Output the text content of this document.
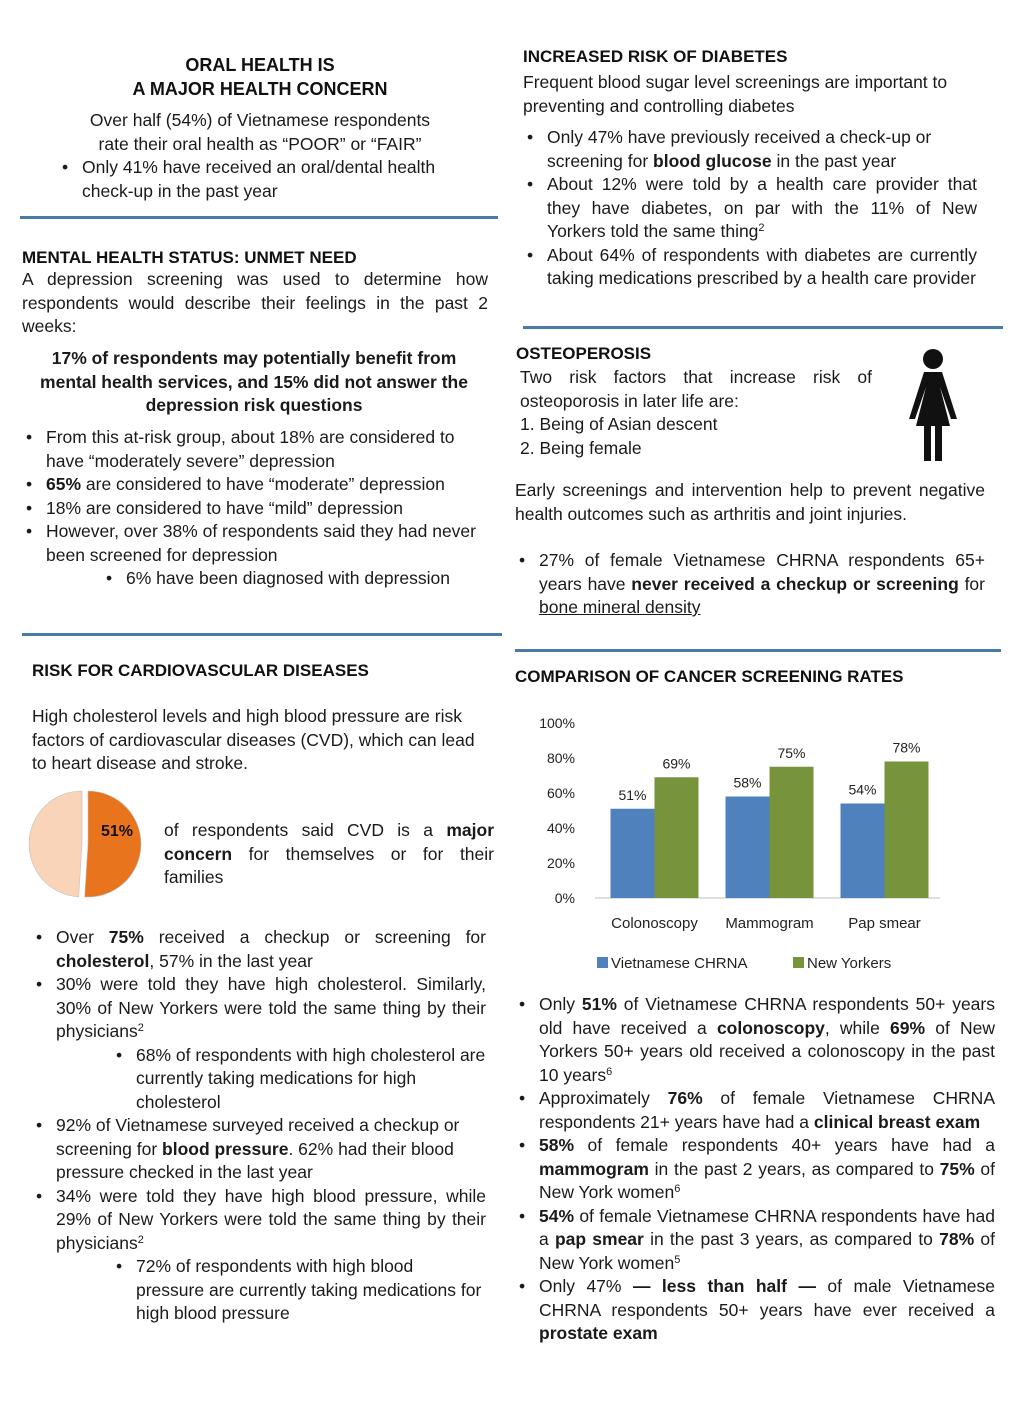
ORAL HEALTH IS
A MAJOR HEALTH CONCERN

Over half (54%) of Vietnamese respondents

rate their oral health as “POOR” or “FAIR”

• Only 41% have received an oral/dental health check-up in the past year
MENTAL HEALTH STATUS: UNMET NEED

A depression screening was used to determine how respondents would describe their feelings in the past 2 weeks:

17% of respondents may potentially benefit from mental health services, and 15% did not answer the depression risk questions

• From this at-risk group, about 18% are considered to have “moderately severe” depression
• 65% are considered to have “moderate” depression
• 18% are considered to have “mild” depression
• However, over 38% of respondents said they had never been screened for depression
• 6% have been diagnosed with depression
RISK FOR CARDIOVASCULAR DISEASES

High cholesterol levels and high blood pressure are risk factors of cardiovascular diseases (CVD), which can lead to heart disease and stroke.

51% of respondents said CVD is a major concern for themselves or for their families

• Over 75% received a checkup or screening for cholesterol, 57% in the last year
• 30% were told they have high cholesterol. Similarly, 30% of New Yorkers were told the same thing by their physicians$^2$
• 68% of respondents with high cholesterol are currently taking medications for high cholesterol
• 92% of Vietnamese surveyed received a checkup or screening for blood pressure. 62% had their blood pressure checked in the last year
• 34% were told they have high blood pressure, while 29% of New Yorkers were told the same thing by their physicians$^2$
• 72% of respondents with high blood pressure are currently taking medications for high blood pressure
INCREASED RISK OF DIABETES

Frequent blood sugar level screenings are important to preventing and controlling diabetes

• Only 47% have previously received a check-up or screening for blood glucose in the past year
• About 12% were told by a health care provider that they have diabetes, on par with the 11% of New Yorkers told the same thing$^2$
• About 64% of respondents with diabetes are currently taking medications prescribed by a health care provider
OSTEOPEROSIS

Two risk factors that increase risk of osteoporosis in later life are:

1. Being of Asian descent
2. Being female

Early screenings and intervention help to prevent negative health outcomes such as arthritis and joint injuries.

• 27% of female Vietnamese CHRNA respondents 65+ years have never received a checkup or screening for bone mineral density
COMPARISON OF CANCER SCREENING RATES
0%
20%
40%
60%
80%
100%
51%
69%
Colonoscopy
58%
75%
Mammogram
54%
78%
Pap smear
Vietnamese CHRNA	New Yorkers
• Only 51% of Vietnamese CHRNA respondents 50+ years old have received a colonoscopy, while 69% of New Yorkers 50+ years old received a colonoscopy in the past 10 years$^6$
• Approximately 76% of female Vietnamese CHRNA respondents 21+ years have had a clinical breast exam
• 58% of female respondents 40+ years have had a mammogram in the past 2 years, as compared to 75% of New York women$^6$
• 54% of female Vietnamese CHRNA respondents have had a pap smear in the past 3 years, as compared to 78% of New York women$^5$
• Only 47% — less than half — of male Vietnamese CHRNA respondents 50+ years have ever received a prostate exam
